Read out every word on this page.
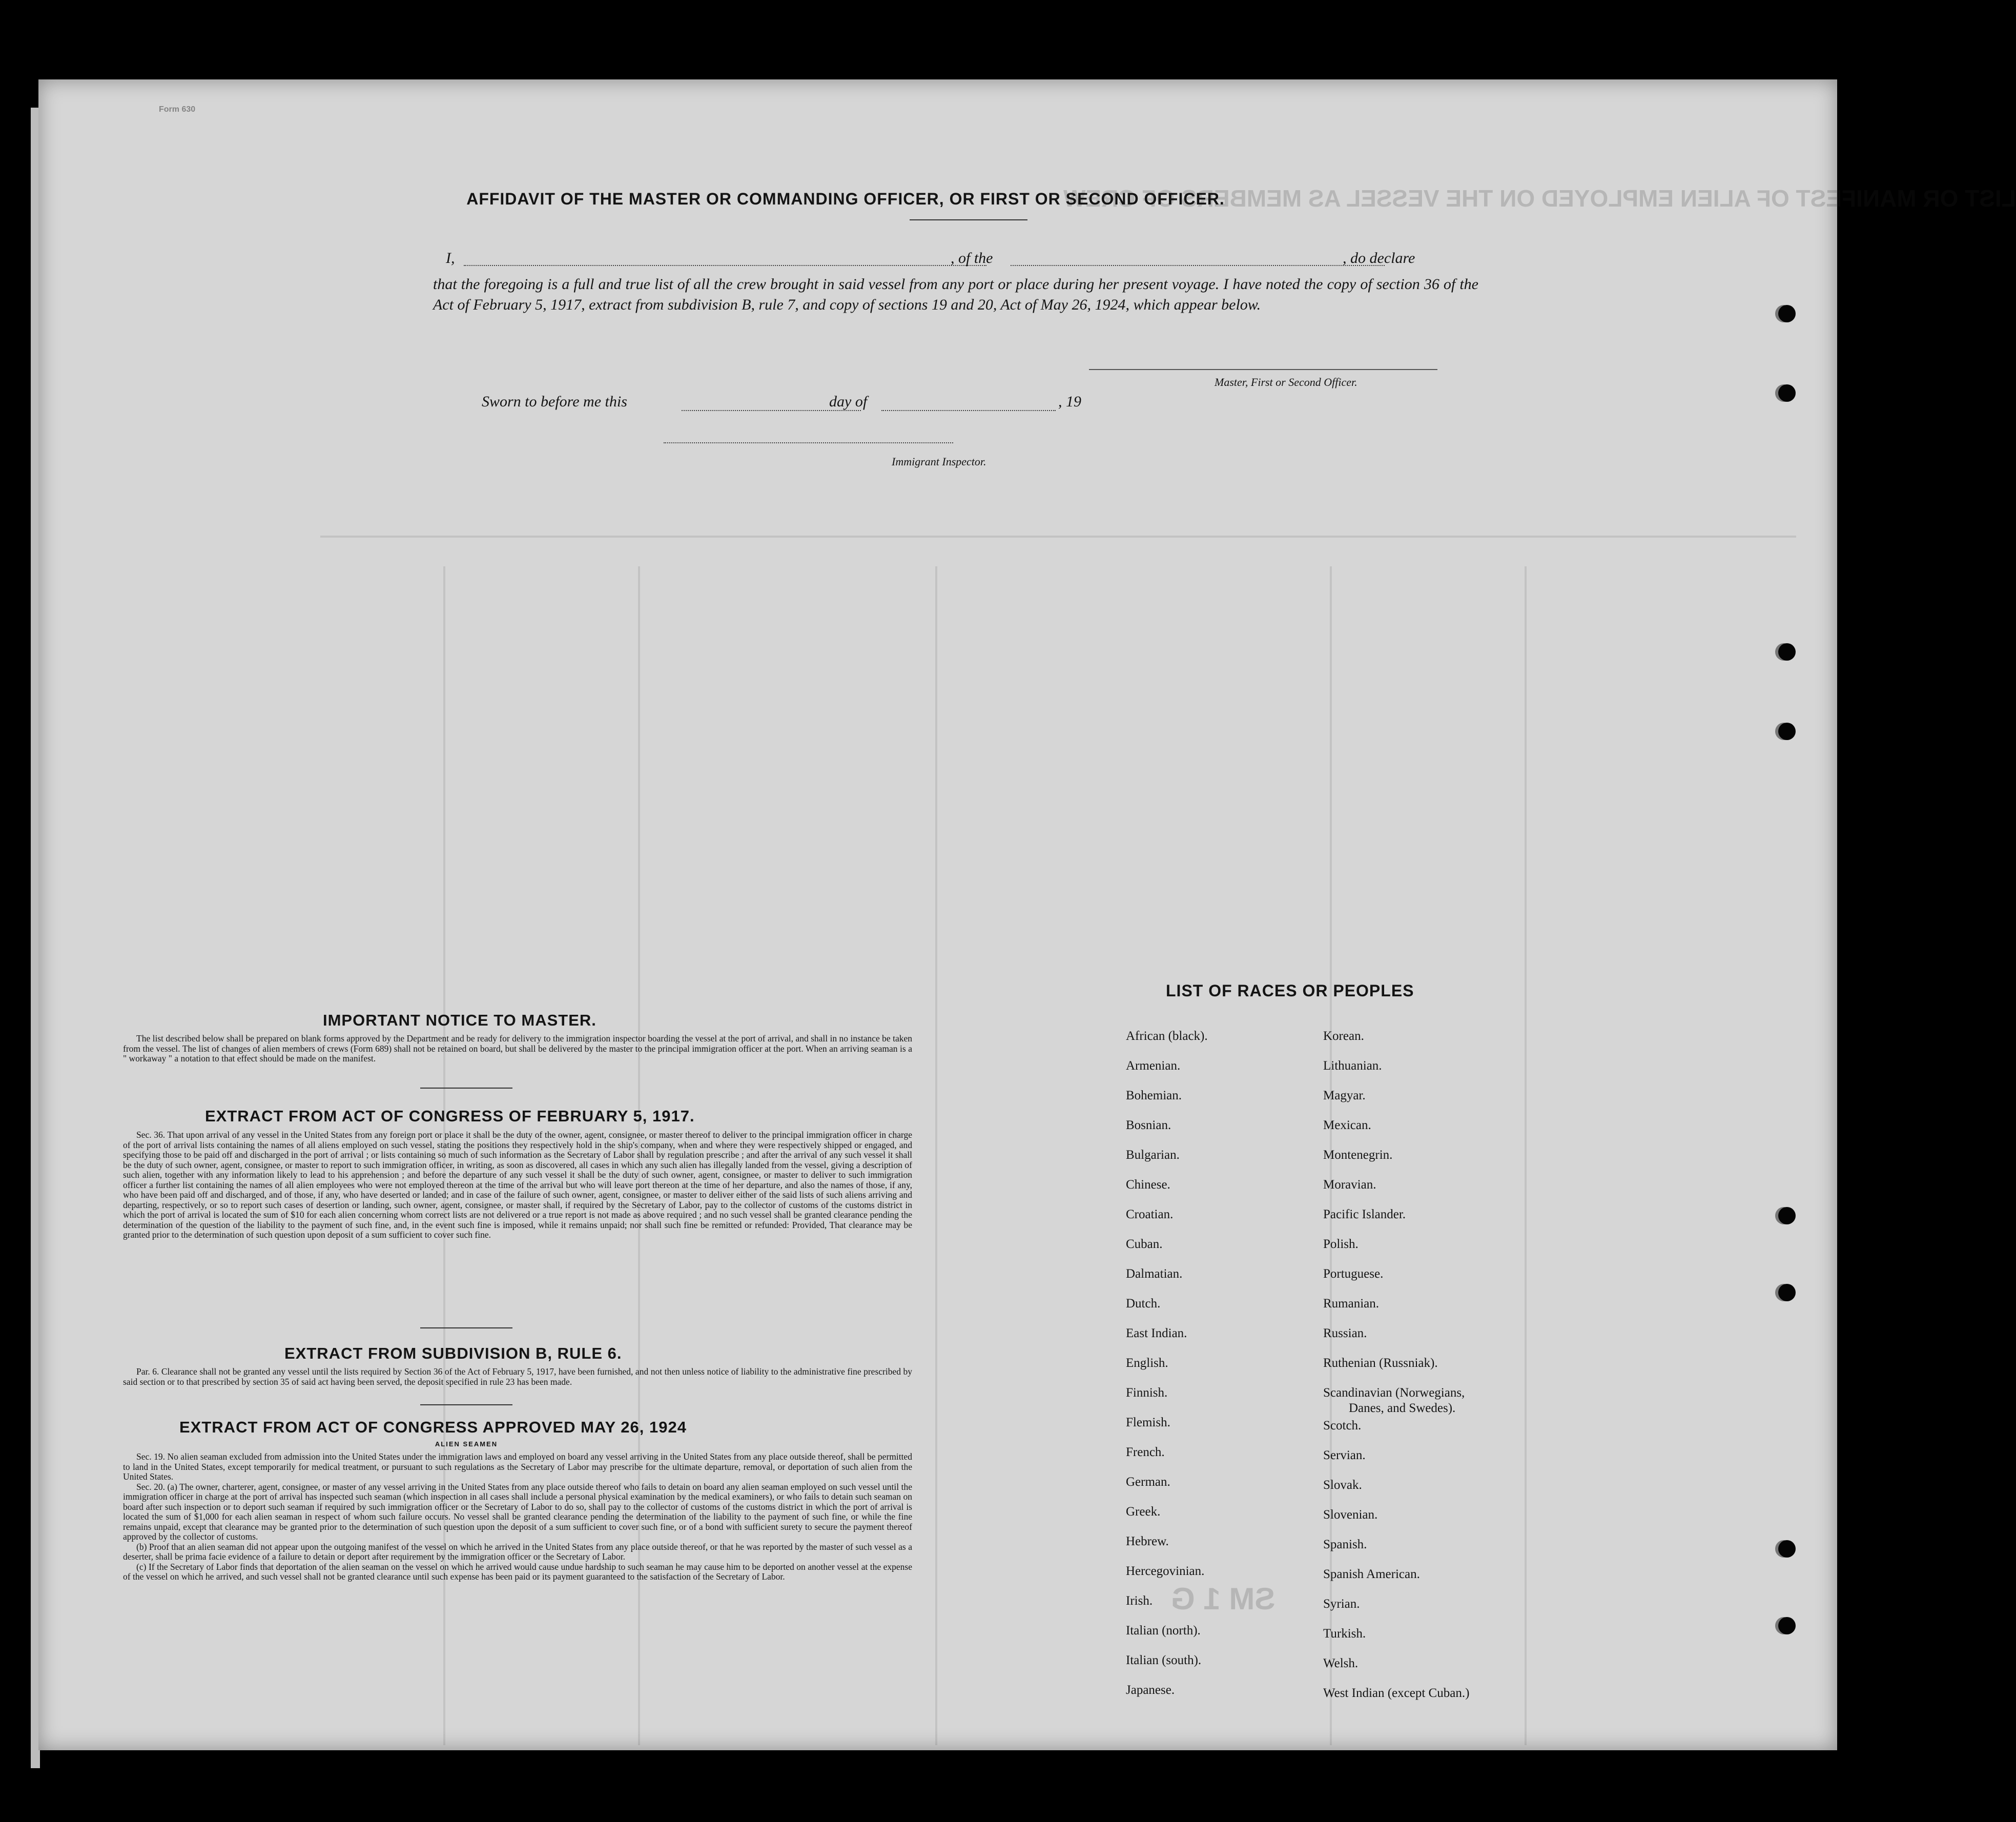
LIST OR MANIFEST OF ALIEN EMPLOYED ON THE VESSEL AS MEMBERS OF CREW
SM 1 G
Form 630
AFFIDAVIT OF THE MASTER OR COMMANDING OFFICER, OR FIRST OR SECOND OFFICER.
I,	, of the	, do declare
that the foregoing is a full and true list of all the crew brought in said vessel from any port or place during her present voyage. I have noted the copy of section 36 of the Act of February 5, 1917, extract from subdivision B, rule 7, and copy of sections 19 and 20, Act of May 26, 1924, which appear below.
Master, First or Second Officer.
Sworn to before me this	day of	, 19
Immigrant Inspector.
IMPORTANT NOTICE TO MASTER.

The list described below shall be prepared on blank forms approved by the Department and be ready for delivery to the immigration inspector boarding the vessel at the port of arrival, and shall in no instance be taken from the vessel. The list of changes of alien members of crews (Form 689) shall not be retained on board, but shall be delivered by the master to the principal immigration officer at the port. When an arriving seaman is a " workaway " a notation to that effect should be made on the manifest.

EXTRACT FROM ACT OF CONGRESS OF FEBRUARY 5, 1917.

Sec. 36. That upon arrival of any vessel in the United States from any foreign port or place it shall be the duty of the owner, agent, consignee, or master thereof to deliver to the principal immigration officer in charge of the port of arrival lists containing the names of all aliens employed on such vessel, stating the positions they respectively hold in the ship's company, when and where they were respectively shipped or engaged, and specifying those to be paid off and discharged in the port of arrival ; or lists containing so much of such information as the Secretary of Labor shall by regulation prescribe ; and after the arrival of any such vessel it shall be the duty of such owner, agent, consignee, or master to report to such immigration officer, in writing, as soon as discovered, all cases in which any such alien has illegally landed from the vessel, giving a description of such alien, together with any information likely to lead to his apprehension ; and before the departure of any such vessel it shall be the duty of such owner, agent, consignee, or master to deliver to such immigration officer a further list containing the names of all alien employees who were not employed thereon at the time of the arrival but who will leave port thereon at the time of her departure, and also the names of those, if any, who have been paid off and discharged, and of those, if any, who have deserted or landed; and in case of the failure of such owner, agent, consignee, or master to deliver either of the said lists of such aliens arriving and departing, respectively, or so to report such cases of desertion or landing, such owner, agent, consignee, or master shall, if required by the Secretary of Labor, pay to the collector of customs of the customs district in which the port of arrival is located the sum of $10 for each alien concerning whom correct lists are not delivered or a true report is not made as above required ; and no such vessel shall be granted clearance pending the determination of the question of the liability to the payment of such fine, and, in the event such fine is imposed, while it remains unpaid; nor shall such fine be remitted or refunded: Provided, That clearance may be granted prior to the determination of such question upon deposit of a sum sufficient to cover such fine.

EXTRACT FROM SUBDIVISION B, RULE 6.

Par. 6. Clearance shall not be granted any vessel until the lists required by Section 36 of the Act of February 5, 1917, have been furnished, and not then unless notice of liability to the administrative fine prescribed by said section or to that prescribed by section 35 of said act having been served, the deposit specified in rule 23 has been made.

EXTRACT FROM ACT OF CONGRESS APPROVED MAY 26, 1924
ALIEN SEAMEN

Sec. 19. No alien seaman excluded from admission into the United States under the immigration laws and employed on board any vessel arriving in the United States from any place outside thereof, shall be permitted to land in the United States, except temporarily for medical treatment, or pursuant to such regulations as the Secretary of Labor may prescribe for the ultimate departure, removal, or deportation of such alien from the United States.

Sec. 20. (a) The owner, charterer, agent, consignee, or master of any vessel arriving in the United States from any place outside thereof who fails to detain on board any alien seaman employed on such vessel until the immigration officer in charge at the port of arrival has inspected such seaman (which inspection in all cases shall include a personal physical examination by the medical examiners), or who fails to detain such seaman on board after such inspection or to deport such seaman if required by such immigration officer or the Secretary of Labor to do so, shall pay to the collector of customs of the customs district in which the port of arrival is located the sum of $1,000 for each alien seaman in respect of whom such failure occurs. No vessel shall be granted clearance pending the determination of the liability to the payment of such fine, or while the fine remains unpaid, except that clearance may be granted prior to the determination of such question upon the deposit of a sum sufficient to cover such fine, or of a bond with sufficient surety to secure the payment thereof approved by the collector of customs.

(b) Proof that an alien seaman did not appear upon the outgoing manifest of the vessel on which he arrived in the United States from any place outside thereof, or that he was reported by the master of such vessel as a deserter, shall be prima facie evidence of a failure to detain or deport after requirement by the immigration officer or the Secretary of Labor.

(c) If the Secretary of Labor finds that deportation of the alien seaman on the vessel on which he arrived would cause undue hardship to such seaman he may cause him to be deported on another vessel at the expense of the vessel on which he arrived, and such vessel shall not be granted clearance until such expense has been paid or its payment guaranteed to the satisfaction of the Secretary of Labor.

LIST OF RACES OR PEOPLES
African (black).
Armenian.
Bohemian.
Bosnian.
Bulgarian.
Chinese.
Croatian.
Cuban.
Dalmatian.
Dutch.
East Indian.
English.
Finnish.
Flemish.
French.
German.
Greek.
Hebrew.
Hercegovinian.
Irish.
Italian (north).
Italian (south).
Japanese.
Korean.
Lithuanian.
Magyar.
Mexican.
Montenegrin.
Moravian.
Pacific Islander.
Polish.
Portuguese.
Rumanian.
Russian.
Ruthenian (Russniak).
Scandinavian (Norwegians,
Danes, and Swedes).
Scotch.
Servian.
Slovak.
Slovenian.
Spanish.
Spanish American.
Syrian.
Turkish.
Welsh.
West Indian (except Cuban.)
